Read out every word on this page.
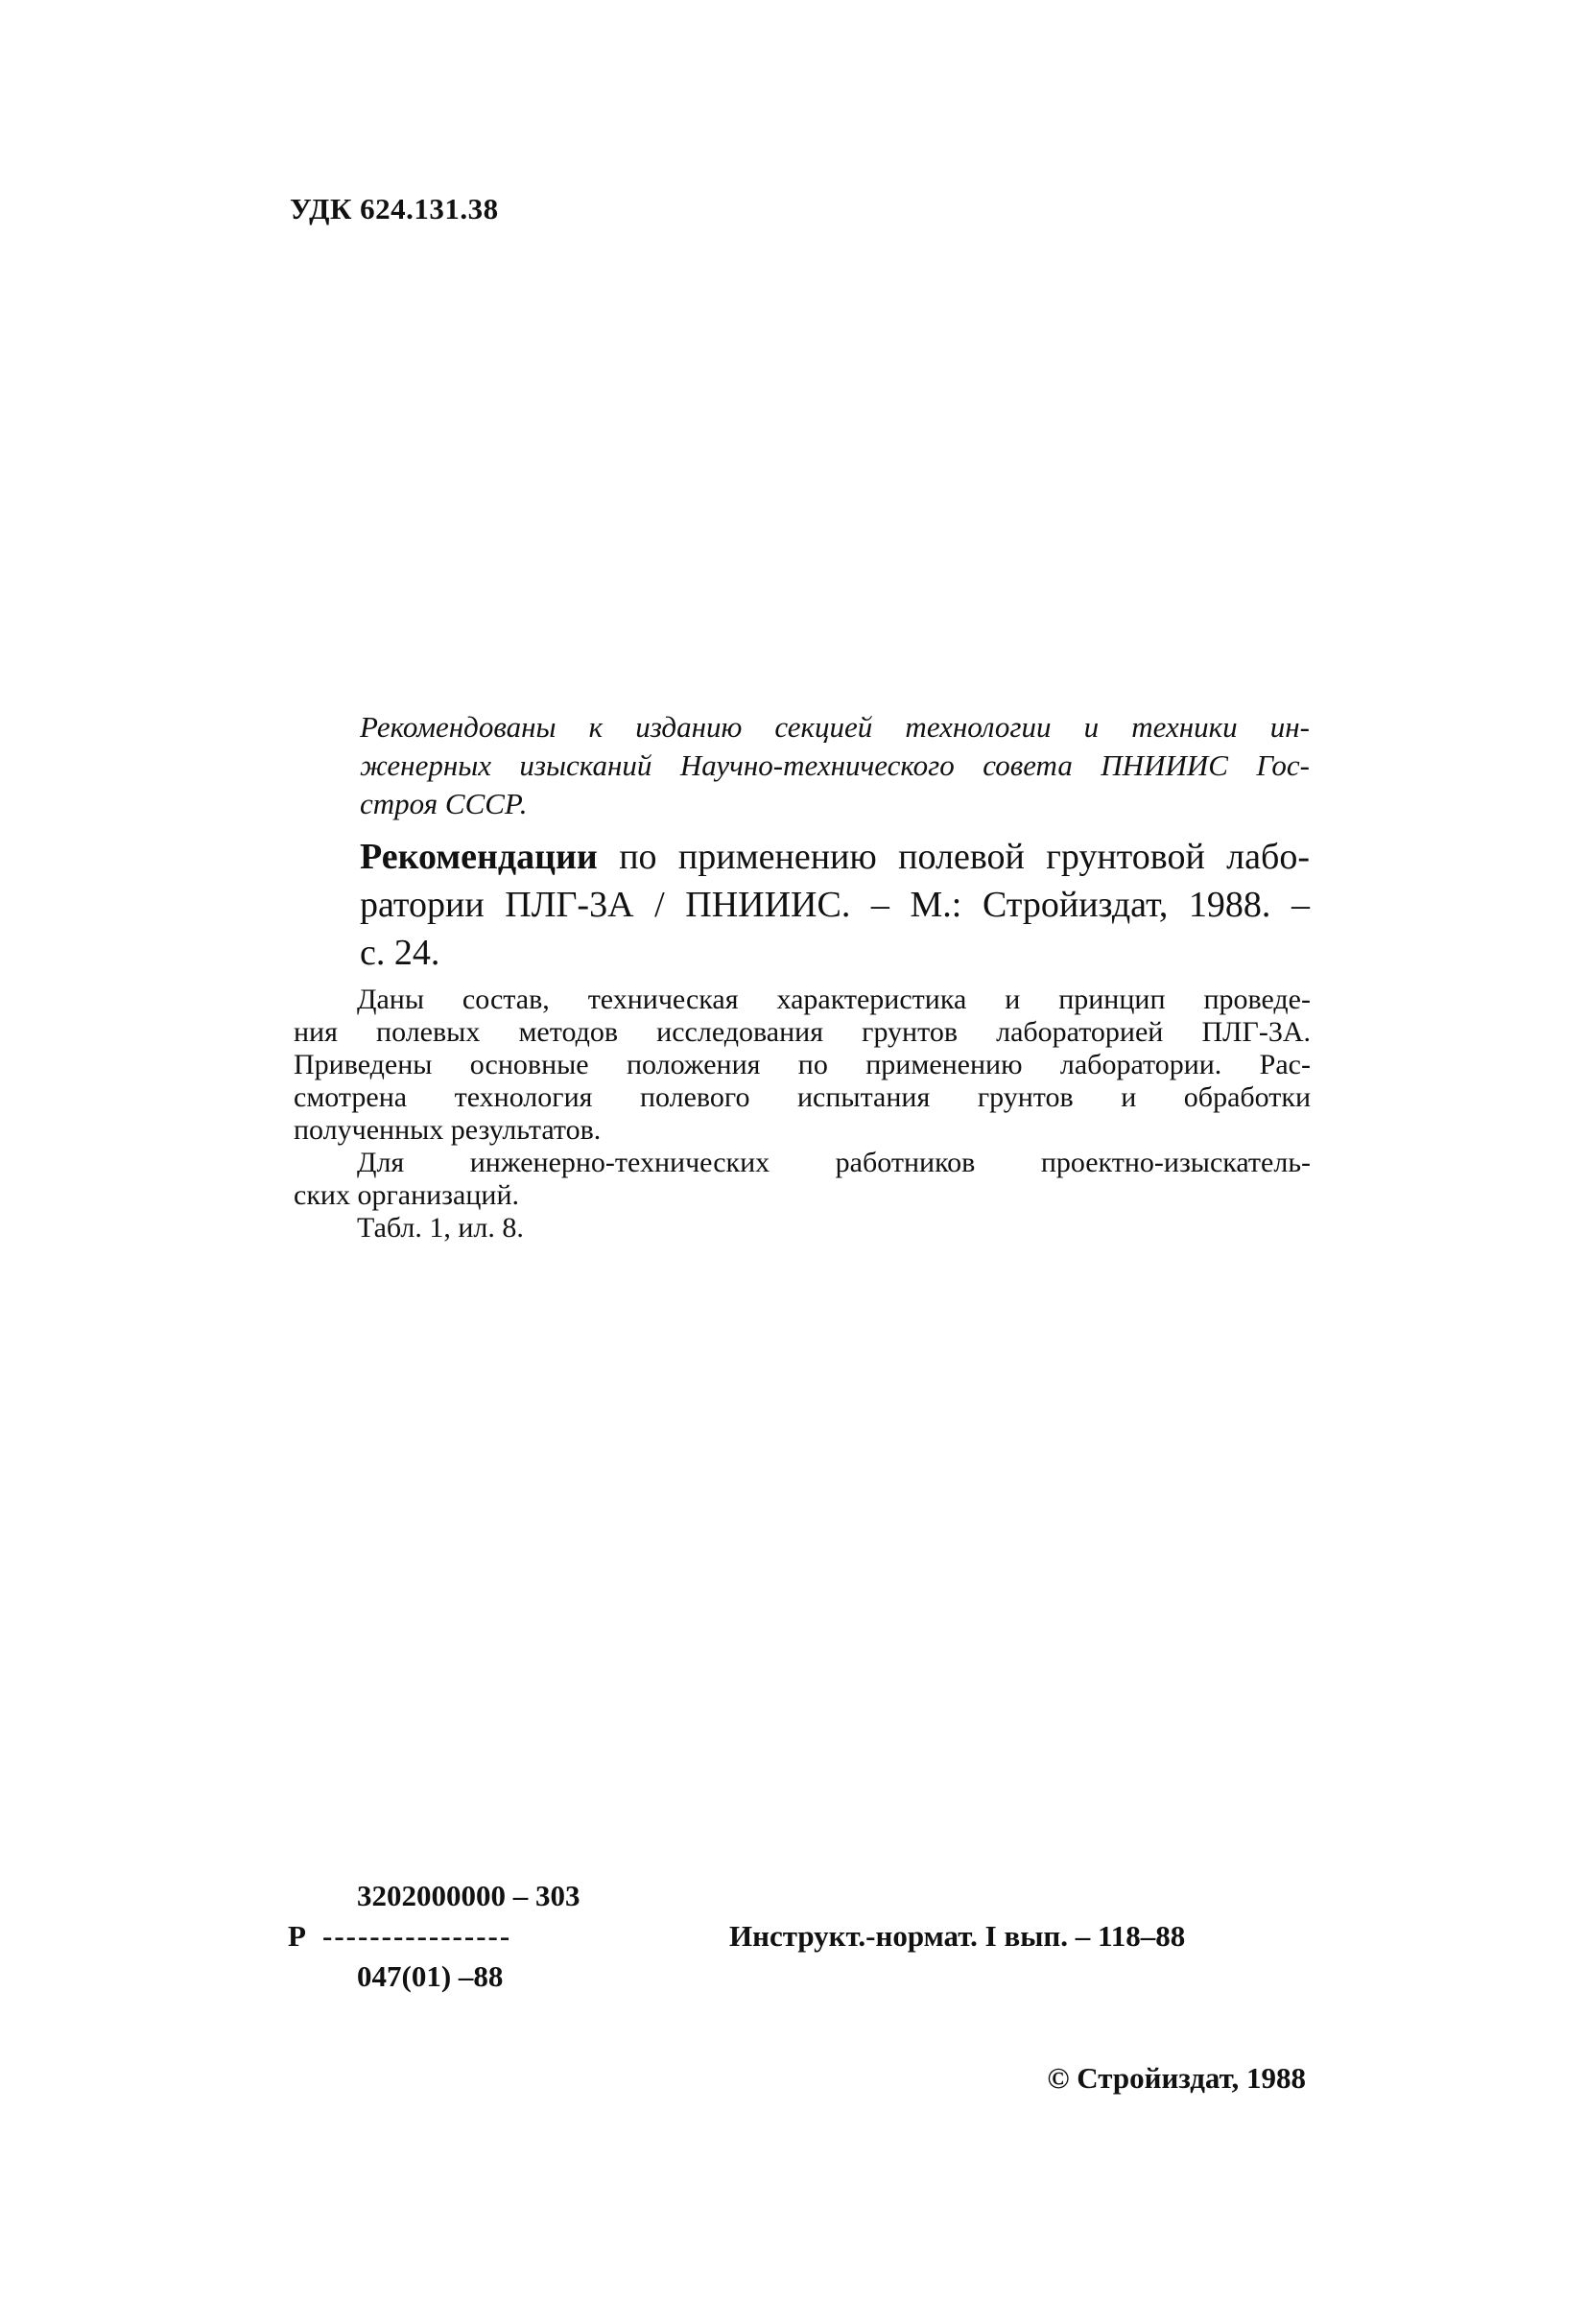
УДК 624.131.38
Рекомендованы к изданию секцией технологии и техники ин-
женерных изысканий Научно-технического совета ПНИИИС Гос-
строя СССР.
Рекомендации по применению полевой грунтовой лабо-
ратории ПЛГ-3А / ПНИИИС. – М.: Стройиздат, 1988. –
с. 24.
Даны состав, техническая характеристика и принцип проведе-
ния полевых методов исследования грунтов лабораторией ПЛГ-3А.
Приведены основные положения по применению лаборатории. Рас-
смотрена технология полевого испытания грунтов и обработки
полученных результатов.
Для инженерно-технических работников проектно-изыскатель-
ских организаций.
Табл. 1, ил. 8.
Р
3202000000 – 303
----------------
047(01) –88
Инструкт.-нормат. I вып. – 118–88
© Стройиздат, 1988
